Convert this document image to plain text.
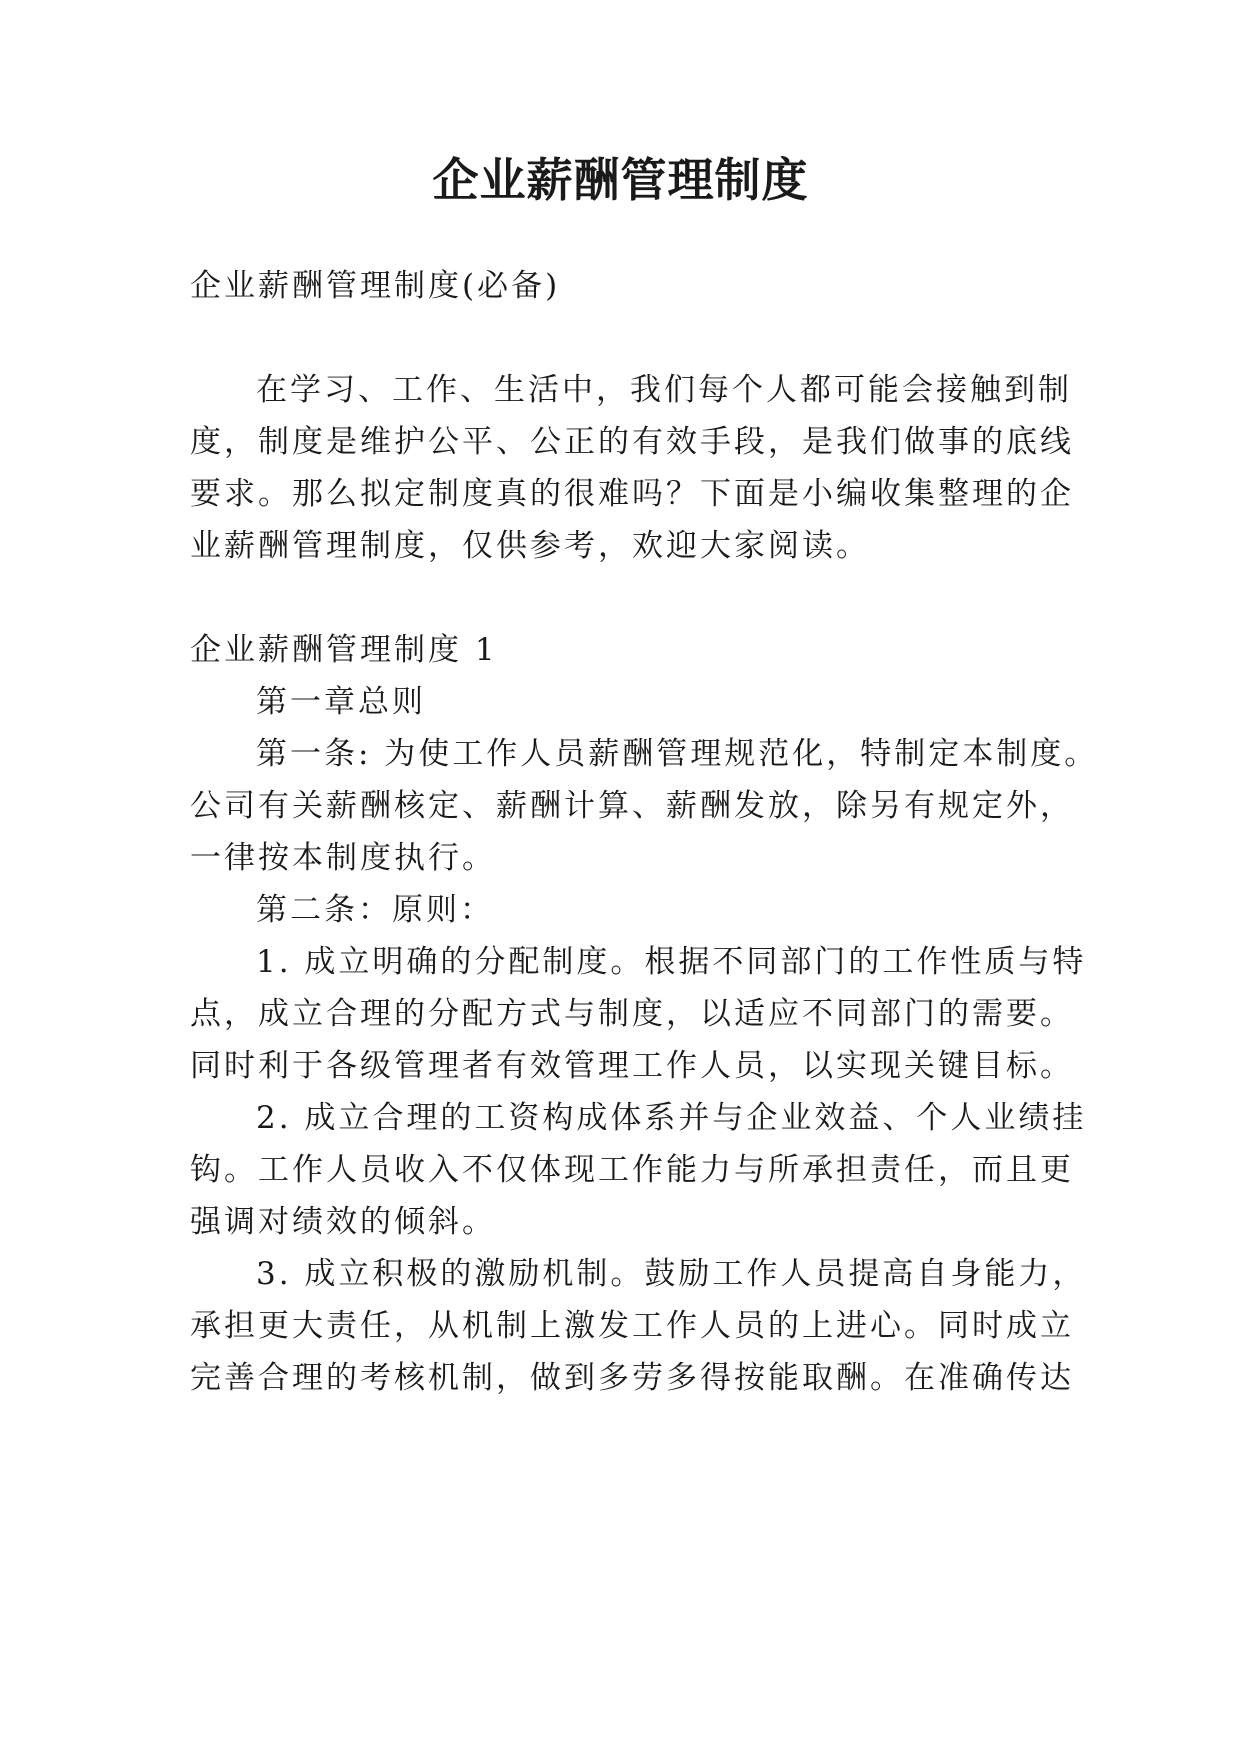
企业薪酬管理制度
企业薪酬管理制度(必备)
在学习、工作、生活中，我们每个人都可能会接触到制
度，制度是维护公平、公正的有效手段，是我们做事的底线
要求。那么拟定制度真的很难吗？下面是小编收集整理的企
业薪酬管理制度，仅供参考，欢迎大家阅读。
企业薪酬管理制度 1
第一章总则
第一条: 为使工作人员薪酬管理规范化，特制定本制度。
公司有关薪酬核定、薪酬计算、薪酬发放，除另有规定外，
一律按本制度执行。
第二条：原则：
1. 成立明确的分配制度。根据不同部门的工作性质与特
点，成立合理的分配方式与制度，以适应不同部门的需要。
同时利于各级管理者有效管理工作人员，以实现关键目标。
2. 成立合理的工资构成体系并与企业效益、个人业绩挂
钩。工作人员收入不仅体现工作能力与所承担责任，而且更
强调对绩效的倾斜。
3. 成立积极的激励机制。鼓励工作人员提高自身能力，
承担更大责任，从机制上激发工作人员的上进心。同时成立
完善合理的考核机制，做到多劳多得按能取酬。在准确传达
